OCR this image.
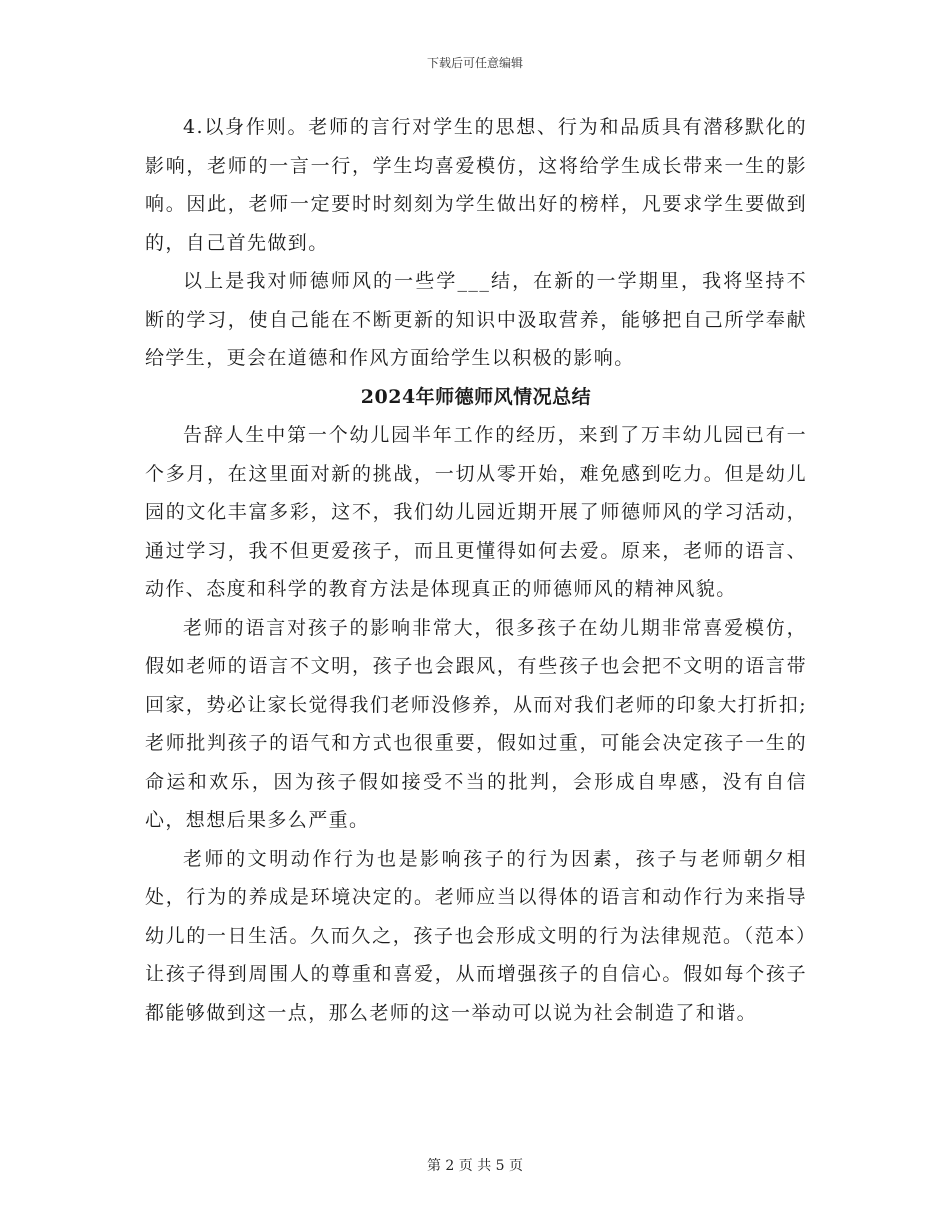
下载后可任意编辑

4.以身作则。老师的言行对学生的思想、行为和品质具有潜移默化的影响，老师的一言一行，学生均喜爱模仿，这将给学生成长带来一生的影响。因此，老师一定要时时刻刻为学生做出好的榜样，凡要求学生要做到的，自己首先做到。

以上是我对师德师风的一些学___结，在新的一学期里，我将坚持不断的学习，使自己能在不断更新的知识中汲取营养，能够把自己所学奉献给学生，更会在道德和作风方面给学生以积极的影响。

2024年师德师风情况总结

告辞人生中第一个幼儿园半年工作的经历，来到了万丰幼儿园已有一个多月，在这里面对新的挑战，一切从零开始，难免感到吃力。但是幼儿园的文化丰富多彩，这不，我们幼儿园近期开展了师德师风的学习活动，通过学习，我不但更爱孩子，而且更懂得如何去爱。原来，老师的语言、动作、态度和科学的教育方法是体现真正的师德师风的精神风貌。

老师的语言对孩子的影响非常大，很多孩子在幼儿期非常喜爱模仿，假如老师的语言不文明，孩子也会跟风，有些孩子也会把不文明的语言带回家，势必让家长觉得我们老师没修养，从而对我们老师的印象大打折扣;老师批判孩子的语气和方式也很重要，假如过重，可能会决定孩子一生的命运和欢乐，因为孩子假如接受不当的批判，会形成自卑感，没有自信心，想想后果多么严重。

老师的文明动作行为也是影响孩子的行为因素，孩子与老师朝夕相处，行为的养成是环境决定的。老师应当以得体的语言和动作行为来指导幼儿的一日生活。久而久之，孩子也会形成文明的行为法律规范。（范本）让孩子得到周围人的尊重和喜爱，从而增强孩子的自信心。假如每个孩子都能够做到这一点，那么老师的这一举动可以说为社会制造了和谐。

第 2 页 共 5 页
